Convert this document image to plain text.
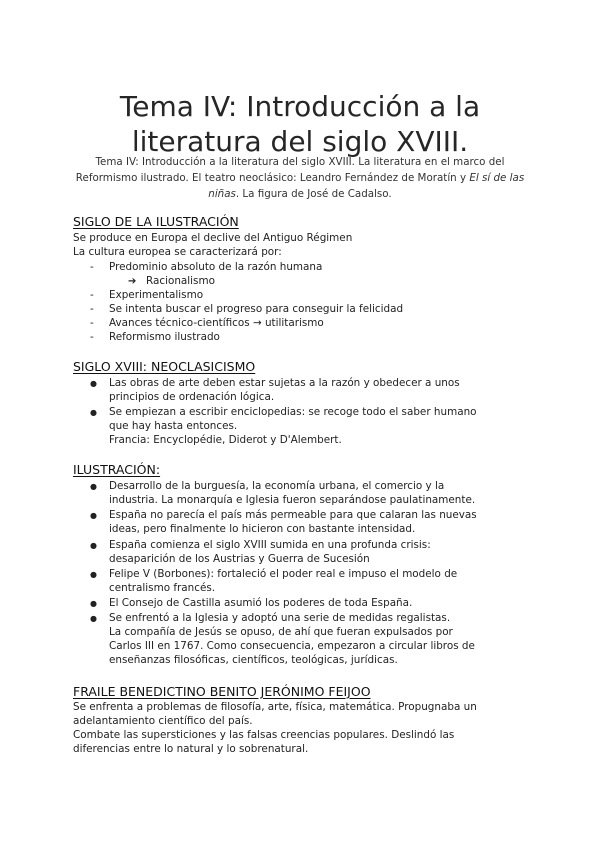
Tema IV: Introducción a la
literatura del siglo XVIII.

Tema IV: Introducción a la literatura del siglo XVIII. La literatura en el marco del Reformismo ilustrado. El teatro neoclásico: Leandro Fernández de Moratín y El sí de las niñas. La figura de José de Cadalso.

SIGLO DE LA ILUSTRACIÓN
Se produce en Europa el declive del Antiguo Régimen
La cultura europea se caracterizará por:
- Predominio absoluto de la razón humana
➔ Racionalismo
- Experimentalismo
- Se intenta buscar el progreso para conseguir la felicidad
- Avances técnico-científicos → utilitarismo
- Reformismo ilustrado
SIGLO XVIII: NEOCLASICISMO
● Las obras de arte deben estar sujetas a la razón y obedecer a unos
principios de ordenación lógica.
● Se empiezan a escribir enciclopedias: se recoge todo el saber humano
que hay hasta entonces.
Francia: Encyclopédie, Diderot y D'Alembert.
ILUSTRACIÓN:
● Desarrollo de la burguesía, la economía urbana, el comercio y la
industria. La monarquía e Iglesia fueron separándose paulatinamente.
● España no parecía el país más permeable para que calaran las nuevas
ideas, pero finalmente lo hicieron con bastante intensidad.
● España comienza el siglo XVIII sumida en una profunda crisis:
desaparición de los Austrias y Guerra de Sucesión
● Felipe V (Borbones): fortaleció el poder real e impuso el modelo de
centralismo francés.
● El Consejo de Castilla asumió los poderes de toda España.
● Se enfrentó a la Iglesia y adoptó una serie de medidas regalistas.
La compañía de Jesús se opuso, de ahí que fueran expulsados por
Carlos III en 1767. Como consecuencia, empezaron a circular libros de
enseñanzas filosóficas, científicos, teológicas, jurídicas.
FRAILE BENEDICTINO BENITO JERÓNIMO FEIJOO
Se enfrenta a problemas de filosofía, arte, física, matemática. Propugnaba un
adelantamiento científico del país.
Combate las supersticiones y las falsas creencias populares. Deslindó las
diferencias entre lo natural y lo sobrenatural.
